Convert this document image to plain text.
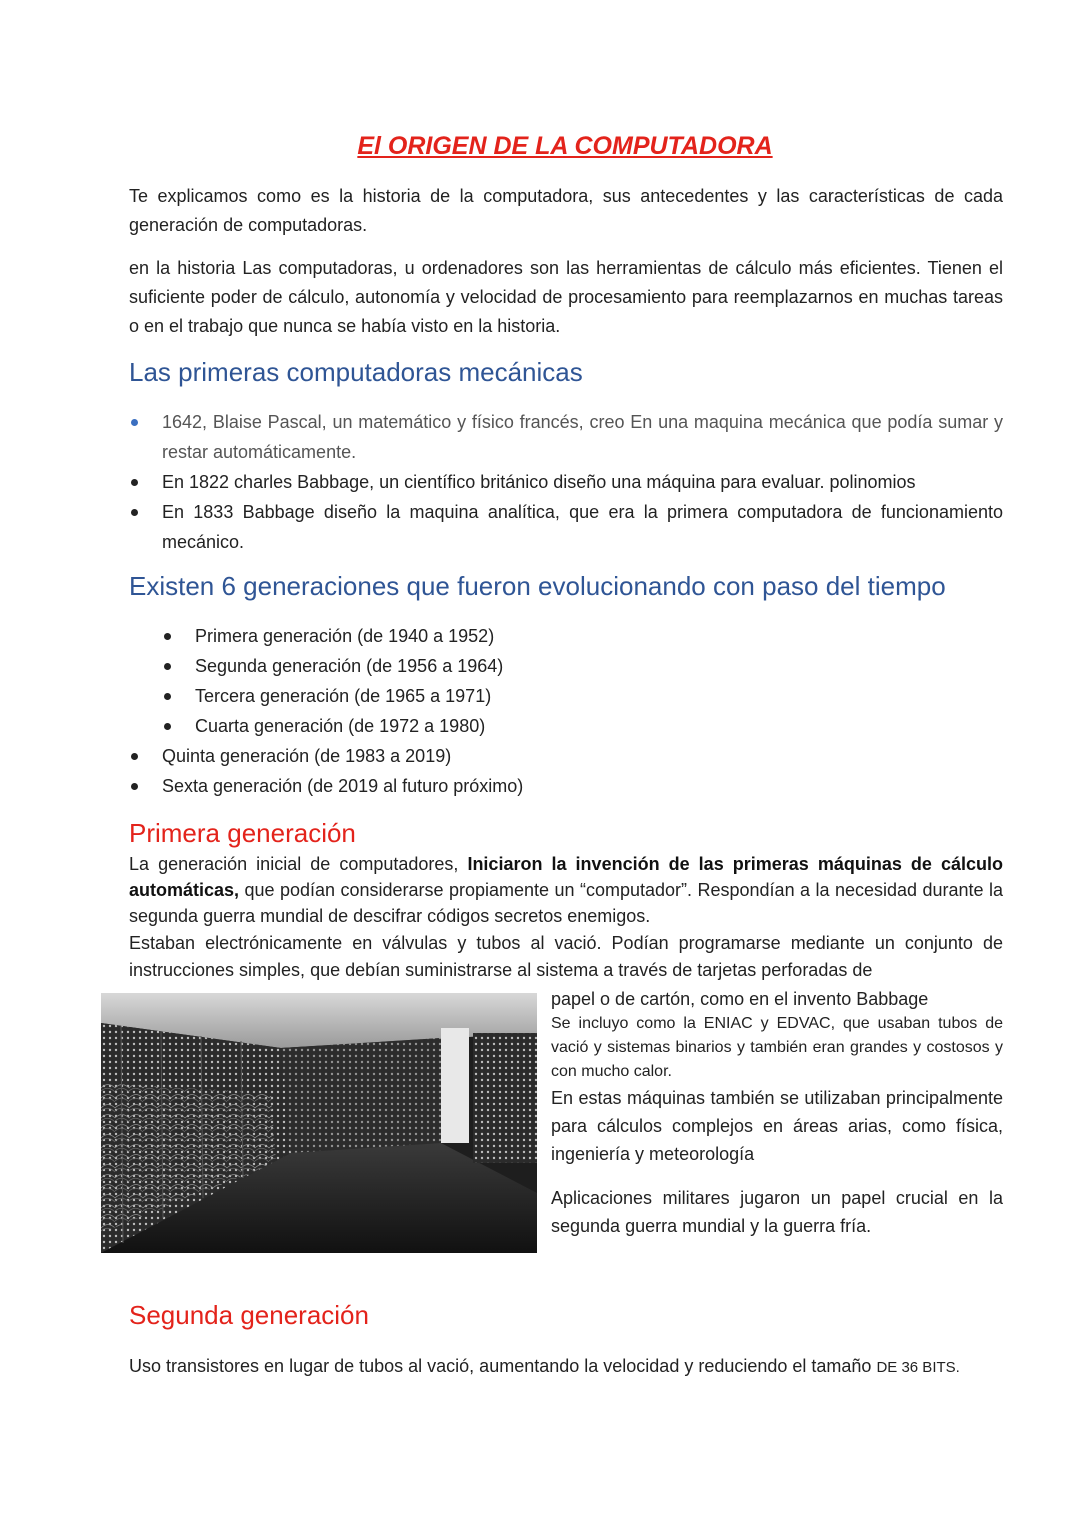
El ORIGEN DE LA COMPUTADORA
Te explicamos como es la historia de la computadora, sus antecedentes y las características de cada generación de computadoras.
en la historia Las computadoras, u ordenadores son las herramientas de cálculo más eficientes. Tienen el suficiente poder de cálculo, autonomía y velocidad de procesamiento para reemplazarnos en muchas tareas o en el trabajo que nunca se había visto en la historia.
Las primeras computadoras mecánicas
1642, Blaise Pascal, un matemático y físico francés, creo En una maquina mecánica que podía sumar y restar automáticamente.
En 1822 charles Babbage, un científico británico diseño una máquina para evaluar. polinomios
En 1833 Babbage diseño la maquina analítica, que era la primera computadora de funcionamiento mecánico.
Existen 6 generaciones que fueron evolucionando con paso del tiempo
Primera generación (de 1940 a 1952)
Segunda generación (de 1956 a 1964)
Tercera generación (de 1965 a 1971)
Cuarta generación (de 1972 a 1980)
Quinta generación (de 1983 a 2019)
Sexta generación (de 2019 al futuro próximo)
Primera generación
La generación inicial de computadores, Iniciaron la invención de las primeras máquinas de cálculo automáticas, que podían considerarse propiamente un “computador”. Respondían a la necesidad durante la segunda guerra mundial de descifrar códigos secretos enemigos.
Estaban electrónicamente en válvulas y tubos al vació. Podían programarse mediante un conjunto de instrucciones simples, que debían suministrarse al sistema a través de tarjetas perforadas de
papel o de cartón, como en el invento Babbage
Se incluyo como la ENIAC y EDVAC, que usaban tubos de vació y sistemas binarios y también eran grandes y costosos y con mucho calor.
En estas máquinas también se utilizaban principalmente para cálculos complejos en áreas arias, como física, ingeniería y meteorología
Aplicaciones militares jugaron un papel crucial en la segunda guerra mundial y la guerra fría.
Segunda generación
Uso transistores en lugar de tubos al vació, aumentando la velocidad y reduciendo el tamaño DE 36 BITS.
